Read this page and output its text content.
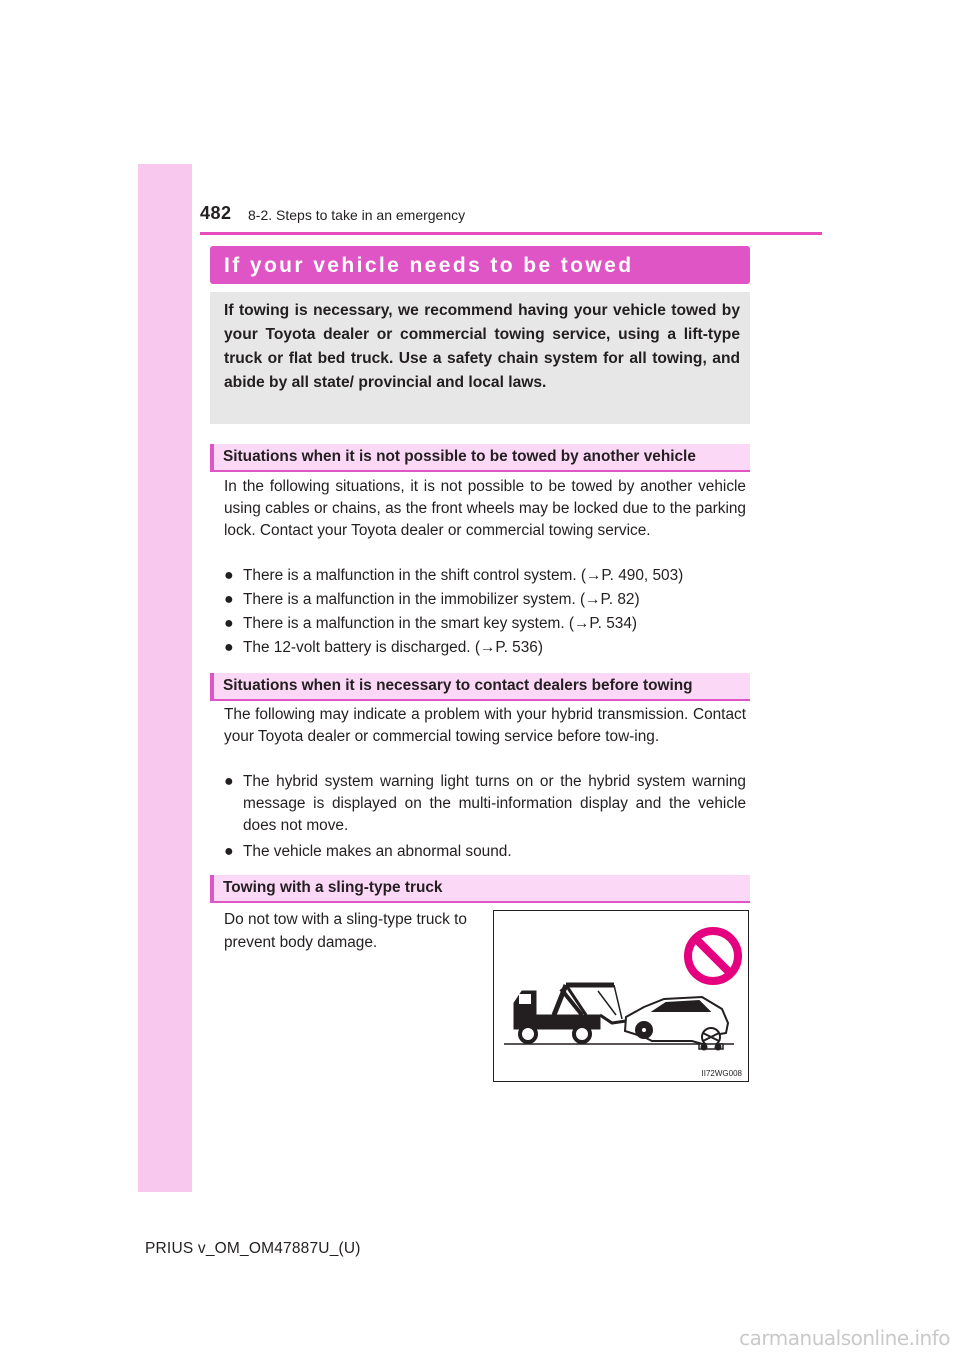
482 8-2. Steps to take in an emergency
If your vehicle needs to be towed

If towing is necessary, we recommend having your vehicle towed by your Toyota dealer or commercial towing service, using a lift-type truck or flat bed truck. Use a safety chain system for all towing, and abide by all state/ provincial and local laws.

Situations when it is not possible to be towed by another vehicle

In the following situations, it is not possible to be towed by another vehicle using cables or chains, as the front wheels may be locked due to the parking lock. Contact your Toyota dealer or commercial towing service.

● There is a malfunction in the shift control system. (→P. 490, 503)
● There is a malfunction in the immobilizer system. (→P. 82)
● There is a malfunction in the smart key system. (→P. 534)
● The 12-volt battery is discharged. (→P. 536)
Situations when it is necessary to contact dealers before towing

The following may indicate a problem with your hybrid transmission. Contact your Toyota dealer or commercial towing service before tow-ing.

● The hybrid system warning light turns on or the hybrid system warning message is displayed on the multi-information display and the vehicle does not move.
● The vehicle makes an abnormal sound.
Towing with a sling-type truck

Do not tow with a sling-type truck to prevent body damage.

II72WG008
PRIUS v_OM_OM47887U_(U)
carmanualsonline.info
